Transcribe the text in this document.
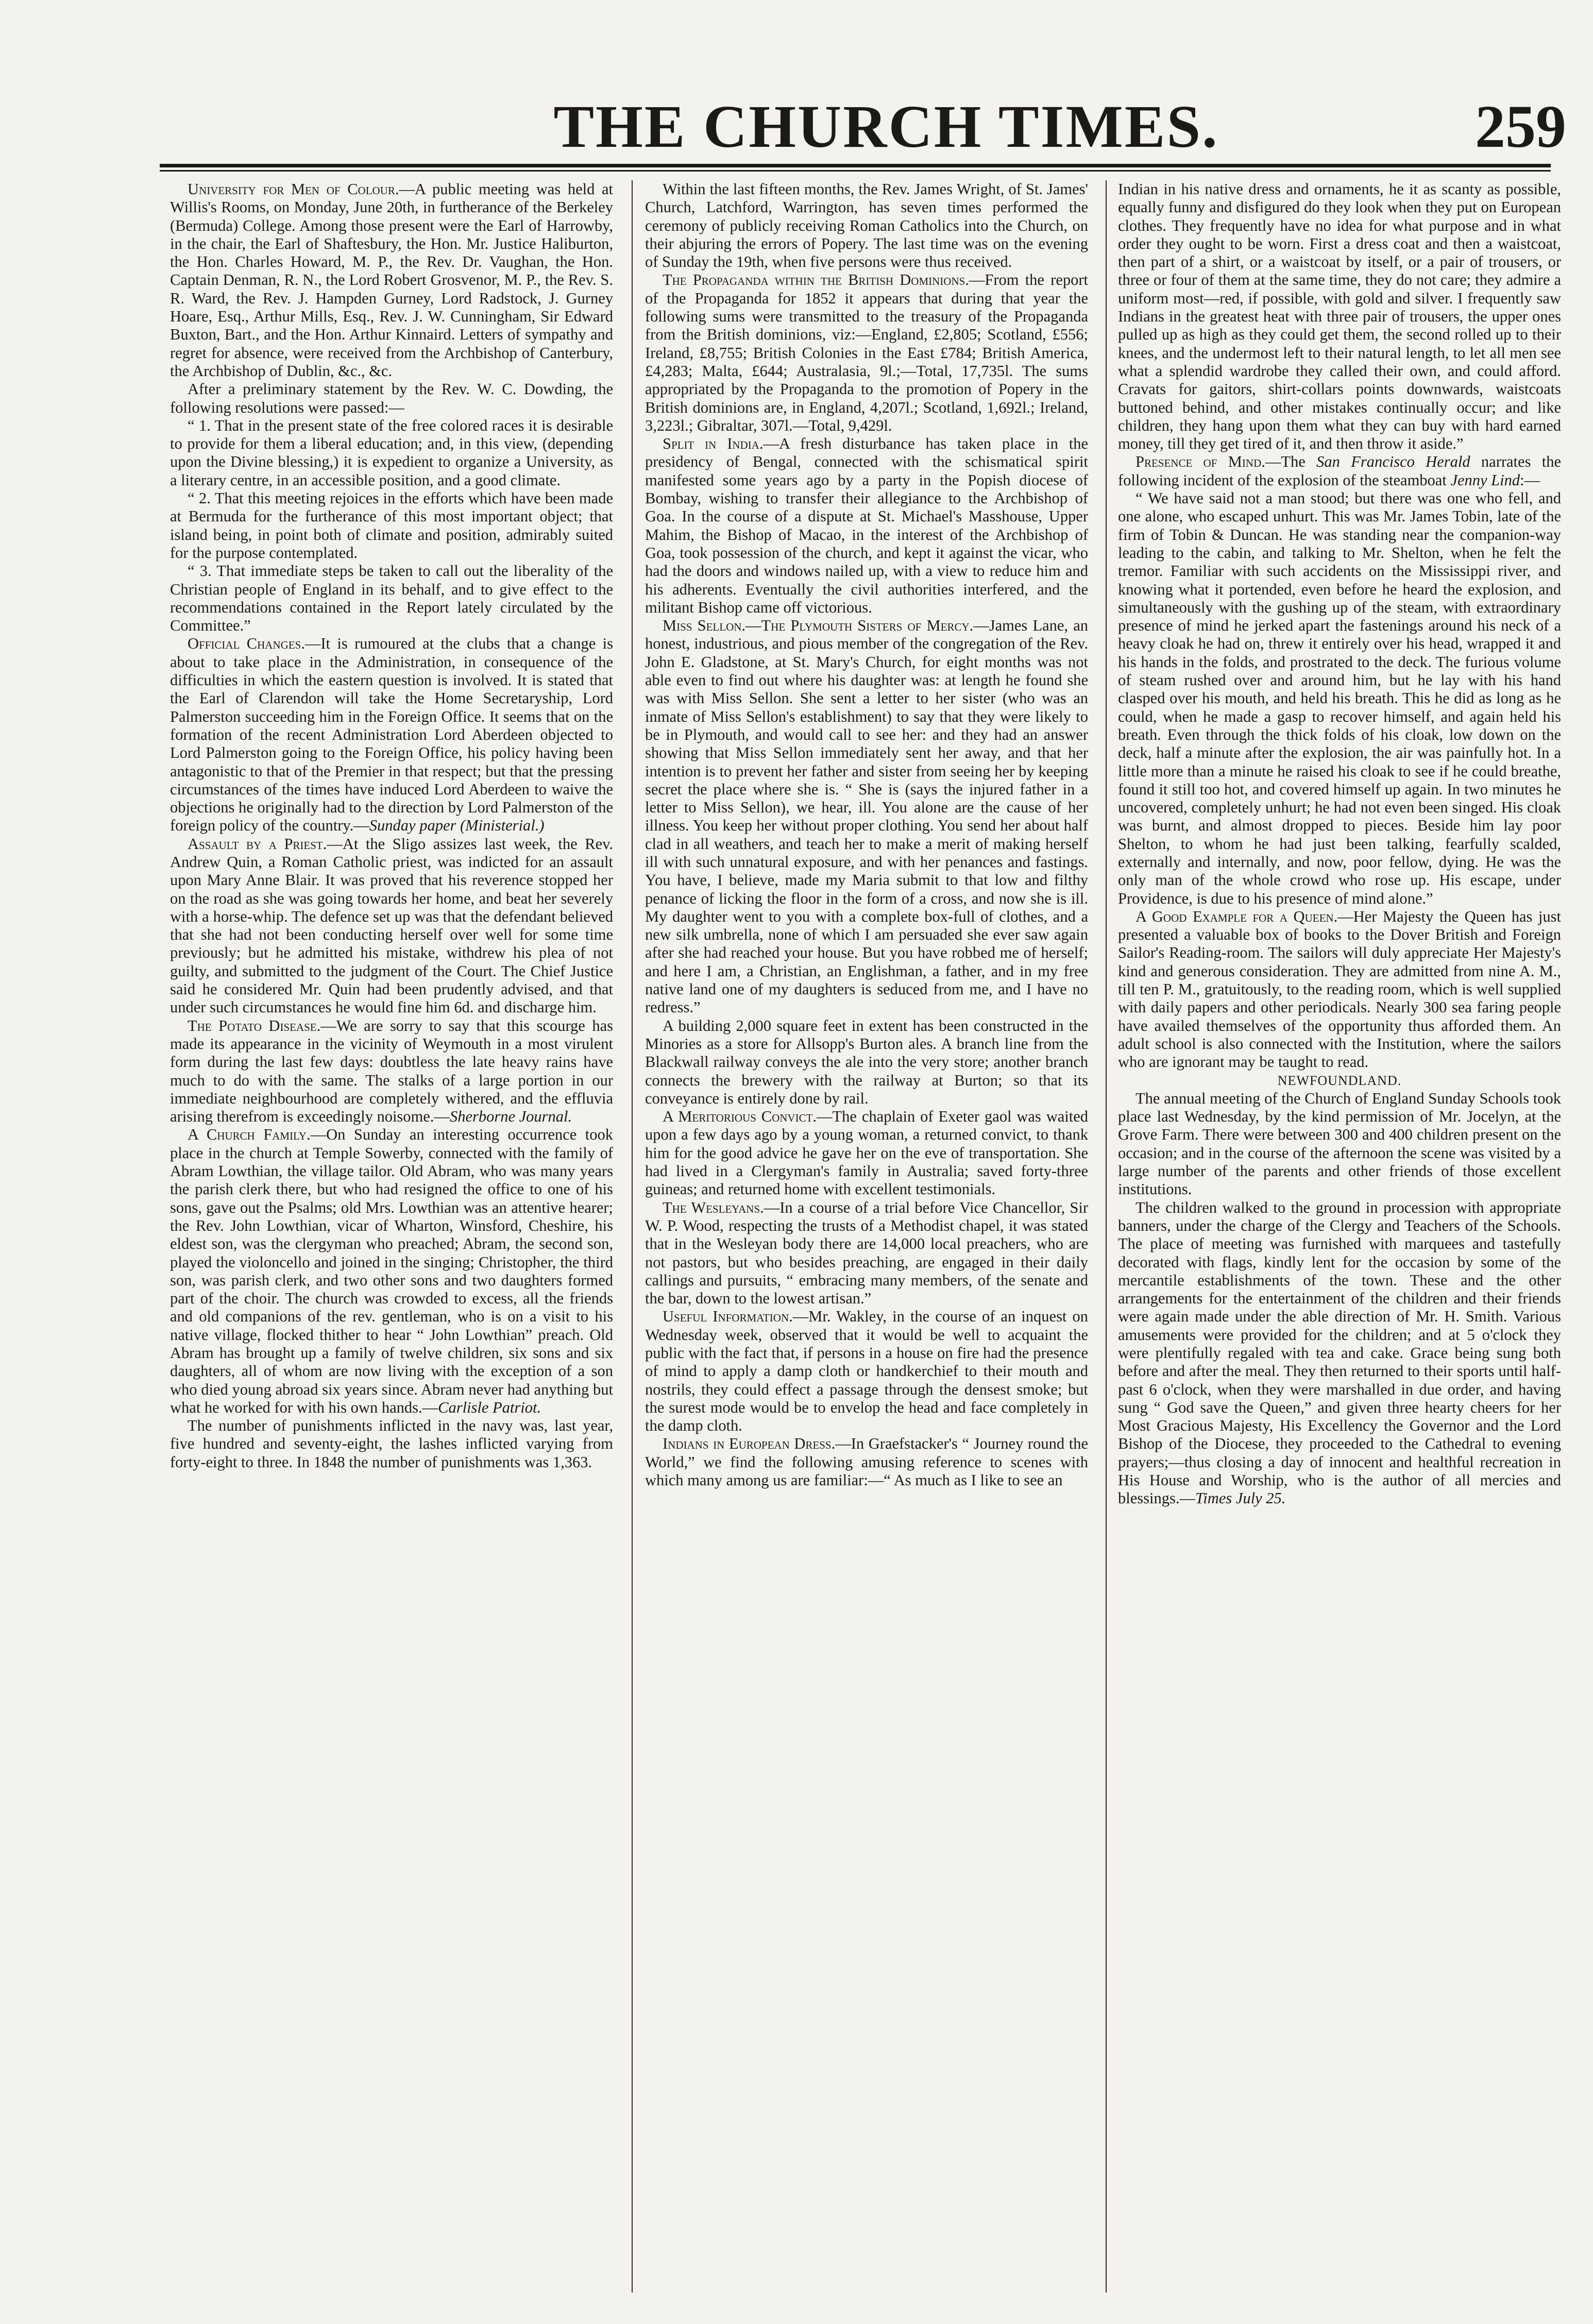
THE CHURCH TIMES.	259

University for Men of Colour.—A public meeting was held at Willis's Rooms, on Monday, June 20th, in furtherance of the Berkeley (Bermuda) College. Among those present were the Earl of Harrowby, in the chair, the Earl of Shaftesbury, the Hon. Mr. Justice Haliburton, the Hon. Charles Howard, M. P., the Rev. Dr. Vaughan, the Hon. Captain Denman, R. N., the Lord Robert Grosvenor, M. P., the Rev. S. R. Ward, the Rev. J. Hampden Gurney, Lord Radstock, J. Gurney Hoare, Esq., Arthur Mills, Esq., Rev. J. W. Cunningham, Sir Edward Buxton, Bart., and the Hon. Arthur Kinnaird. Letters of sympathy and regret for absence, were received from the Archbishop of Canterbury, the Archbishop of Dublin, &c., &c.

After a preliminary statement by the Rev. W. C. Dowding, the following resolutions were passed:—

“ 1. That in the present state of the free colored races it is desirable to provide for them a liberal education; and, in this view, (depending upon the Divine blessing,) it is expedient to organize a University, as a literary centre, in an accessible position, and a good climate.

“ 2. That this meeting rejoices in the efforts which have been made at Bermuda for the furtherance of this most important object; that island being, in point both of climate and position, admirably suited for the purpose contemplated.

“ 3. That immediate steps be taken to call out the liberality of the Christian people of England in its behalf, and to give effect to the recommendations contained in the Report lately circulated by the Committee.”

Official Changes.—It is rumoured at the clubs that a change is about to take place in the Administration, in consequence of the difficulties in which the eastern question is involved. It is stated that the Earl of Clarendon will take the Home Secretaryship, Lord Palmerston succeeding him in the Foreign Office. It seems that on the formation of the recent Administration Lord Aberdeen objected to Lord Palmerston going to the Foreign Office, his policy having been antagonistic to that of the Premier in that respect; but that the pressing circumstances of the times have induced Lord Aberdeen to waive the objections he originally had to the direction by Lord Palmerston of the foreign policy of the country.—Sunday paper (Ministerial.)

Assault by a Priest.—At the Sligo assizes last week, the Rev. Andrew Quin, a Roman Catholic priest, was indicted for an assault upon Mary Anne Blair. It was proved that his reverence stopped her on the road as she was going towards her home, and beat her severely with a horse-whip. The defence set up was that the defendant believed that she had not been conducting herself over well for some time previously; but he admitted his mistake, withdrew his plea of not guilty, and submitted to the judgment of the Court. The Chief Justice said he considered Mr. Quin had been prudently advised, and that under such circumstances he would fine him 6d. and discharge him.

The Potato Disease.—We are sorry to say that this scourge has made its appearance in the vicinity of Weymouth in a most virulent form during the last few days: doubtless the late heavy rains have much to do with the same. The stalks of a large portion in our immediate neighbourhood are completely withered, and the effluvia arising therefrom is exceedingly noisome.—Sherborne Journal.

A Church Family.—On Sunday an interesting occurrence took place in the church at Temple Sowerby, connected with the family of Abram Lowthian, the village tailor. Old Abram, who was many years the parish clerk there, but who had resigned the office to one of his sons, gave out the Psalms; old Mrs. Lowthian was an attentive hearer; the Rev. John Lowthian, vicar of Wharton, Winsford, Cheshire, his eldest son, was the clergyman who preached; Abram, the second son, played the violoncello and joined in the singing; Christopher, the third son, was parish clerk, and two other sons and two daughters formed part of the choir. The church was crowded to excess, all the friends and old companions of the rev. gentleman, who is on a visit to his native village, flocked thither to hear “ John Lowthian” preach. Old Abram has brought up a family of twelve children, six sons and six daughters, all of whom are now living with the exception of a son who died young abroad six years since. Abram never had anything but what he worked for with his own hands.—Carlisle Patriot.

The number of punishments inflicted in the navy was, last year, five hundred and seventy-eight, the lashes inflicted varying from forty-eight to three. In 1848 the number of punishments was 1,363.

Within the last fifteen months, the Rev. James Wright, of St. James' Church, Latchford, Warrington, has seven times performed the ceremony of publicly receiving Roman Catholics into the Church, on their abjuring the errors of Popery. The last time was on the evening of Sunday the 19th, when five persons were thus received.

The Propaganda within the British Dominions.—From the report of the Propaganda for 1852 it appears that during that year the following sums were transmitted to the treasury of the Propaganda from the British dominions, viz:—England, £2,805; Scotland, £556; Ireland, £8,755; British Colonies in the East £784; British America, £4,283; Malta, £644; Australasia, 9l.;—Total, 17,735l. The sums appropriated by the Propaganda to the promotion of Popery in the British dominions are, in England, 4,207l.; Scotland, 1,692l.; Ireland, 3,223l.; Gibraltar, 307l.—Total, 9,429l.

Split in India.—A fresh disturbance has taken place in the presidency of Bengal, connected with the schismatical spirit manifested some years ago by a party in the Popish diocese of Bombay, wishing to transfer their allegiance to the Archbishop of Goa. In the course of a dispute at St. Michael's Masshouse, Upper Mahim, the Bishop of Macao, in the interest of the Archbishop of Goa, took possession of the church, and kept it against the vicar, who had the doors and windows nailed up, with a view to reduce him and his adherents. Eventually the civil authorities interfered, and the militant Bishop came off victorious.

Miss Sellon.—The Plymouth Sisters of Mercy.—James Lane, an honest, industrious, and pious member of the congregation of the Rev. John E. Gladstone, at St. Mary's Church, for eight months was not able even to find out where his daughter was: at length he found she was with Miss Sellon. She sent a letter to her sister (who was an inmate of Miss Sellon's establishment) to say that they were likely to be in Plymouth, and would call to see her: and they had an answer showing that Miss Sellon immediately sent her away, and that her intention is to prevent her father and sister from seeing her by keeping secret the place where she is. “ She is (says the injured father in a letter to Miss Sellon), we hear, ill. You alone are the cause of her illness. You keep her without proper clothing. You send her about half clad in all weathers, and teach her to make a merit of making herself ill with such unnatural exposure, and with her penances and fastings. You have, I believe, made my Maria submit to that low and filthy penance of licking the floor in the form of a cross, and now she is ill. My daughter went to you with a complete box-full of clothes, and a new silk umbrella, none of which I am persuaded she ever saw again after she had reached your house. But you have robbed me of herself; and here I am, a Christian, an Englishman, a father, and in my free native land one of my daughters is seduced from me, and I have no redress.”

A building 2,000 square feet in extent has been constructed in the Minories as a store for Allsopp's Burton ales. A branch line from the Blackwall railway conveys the ale into the very store; another branch connects the brewery with the railway at Burton; so that its conveyance is entirely done by rail.

A Meritorious Convict.—The chaplain of Exeter gaol was waited upon a few days ago by a young woman, a returned convict, to thank him for the good advice he gave her on the eve of transportation. She had lived in a Clergyman's family in Australia; saved forty-three guineas; and returned home with excellent testimonials.

The Wesleyans.—In a course of a trial before Vice Chancellor, Sir W. P. Wood, respecting the trusts of a Methodist chapel, it was stated that in the Wesleyan body there are 14,000 local preachers, who are not pastors, but who besides preaching, are engaged in their daily callings and pursuits, “ embracing many members, of the senate and the bar, down to the lowest artisan.”

Useful Information.—Mr. Wakley, in the course of an inquest on Wednesday week, observed that it would be well to acquaint the public with the fact that, if persons in a house on fire had the presence of mind to apply a damp cloth or handkerchief to their mouth and nostrils, they could effect a passage through the densest smoke; but the surest mode would be to envelop the head and face completely in the damp cloth.

Indians in European Dress.—In Graefstacker's “ Journey round the World,” we find the following amusing reference to scenes with which many among us are familiar:—“ As much as I like to see an

Indian in his native dress and ornaments, he it as scanty as possible, equally funny and disfigured do they look when they put on European clothes. They frequently have no idea for what purpose and in what order they ought to be worn. First a dress coat and then a waistcoat, then part of a shirt, or a waistcoat by itself, or a pair of trousers, or three or four of them at the same time, they do not care; they admire a uniform most—red, if possible, with gold and silver. I frequently saw Indians in the greatest heat with three pair of trousers, the upper ones pulled up as high as they could get them, the second rolled up to their knees, and the undermost left to their natural length, to let all men see what a splendid wardrobe they called their own, and could afford. Cravats for gaitors, shirt-collars points downwards, waistcoats buttoned behind, and other mistakes continually occur; and like children, they hang upon them what they can buy with hard earned money, till they get tired of it, and then throw it aside.”

Presence of Mind.—The San Francisco Herald narrates the following incident of the explosion of the steamboat Jenny Lind:—

“ We have said not a man stood; but there was one who fell, and one alone, who escaped unhurt. This was Mr. James Tobin, late of the firm of Tobin & Duncan. He was standing near the companion-way leading to the cabin, and talking to Mr. Shelton, when he felt the tremor. Familiar with such accidents on the Mississippi river, and knowing what it portended, even before he heard the explosion, and simultaneously with the gushing up of the steam, with extraordinary presence of mind he jerked apart the fastenings around his neck of a heavy cloak he had on, threw it entirely over his head, wrapped it and his hands in the folds, and prostrated to the deck. The furious volume of steam rushed over and around him, but he lay with his hand clasped over his mouth, and held his breath. This he did as long as he could, when he made a gasp to recover himself, and again held his breath. Even through the thick folds of his cloak, low down on the deck, half a minute after the explosion, the air was painfully hot. In a little more than a minute he raised his cloak to see if he could breathe, found it still too hot, and covered himself up again. In two minutes he uncovered, completely unhurt; he had not even been singed. His cloak was burnt, and almost dropped to pieces. Beside him lay poor Shelton, to whom he had just been talking, fearfully scalded, externally and internally, and now, poor fellow, dying. He was the only man of the whole crowd who rose up. His escape, under Providence, is due to his presence of mind alone.”

A Good Example for a Queen.—Her Majesty the Queen has just presented a valuable box of books to the Dover British and Foreign Sailor's Reading-room. The sailors will duly appreciate Her Majesty's kind and generous consideration. They are admitted from nine A. M., till ten P. M., gratuitously, to the reading room, which is well supplied with daily papers and other periodicals. Nearly 300 sea faring people have availed themselves of the opportunity thus afforded them. An adult school is also connected with the Institution, where the sailors who are ignorant may be taught to read.

NEWFOUNDLAND.

The annual meeting of the Church of England Sunday Schools took place last Wednesday, by the kind permission of Mr. Jocelyn, at the Grove Farm. There were between 300 and 400 children present on the occasion; and in the course of the afternoon the scene was visited by a large number of the parents and other friends of those excellent institutions.

The children walked to the ground in procession with appropriate banners, under the charge of the Clergy and Teachers of the Schools. The place of meeting was furnished with marquees and tastefully decorated with flags, kindly lent for the occasion by some of the mercantile establishments of the town. These and the other arrangements for the entertainment of the children and their friends were again made under the able direction of Mr. H. Smith. Various amusements were provided for the children; and at 5 o'clock they were plentifully regaled with tea and cake. Grace being sung both before and after the meal. They then returned to their sports until half-past 6 o'clock, when they were marshalled in due order, and having sung “ God save the Queen,” and given three hearty cheers for her Most Gracious Majesty, His Excellency the Governor and the Lord Bishop of the Diocese, they proceeded to the Cathedral to evening prayers;—thus closing a day of innocent and healthful recreation in His House and Worship, who is the author of all mercies and blessings.—Times July 25.
